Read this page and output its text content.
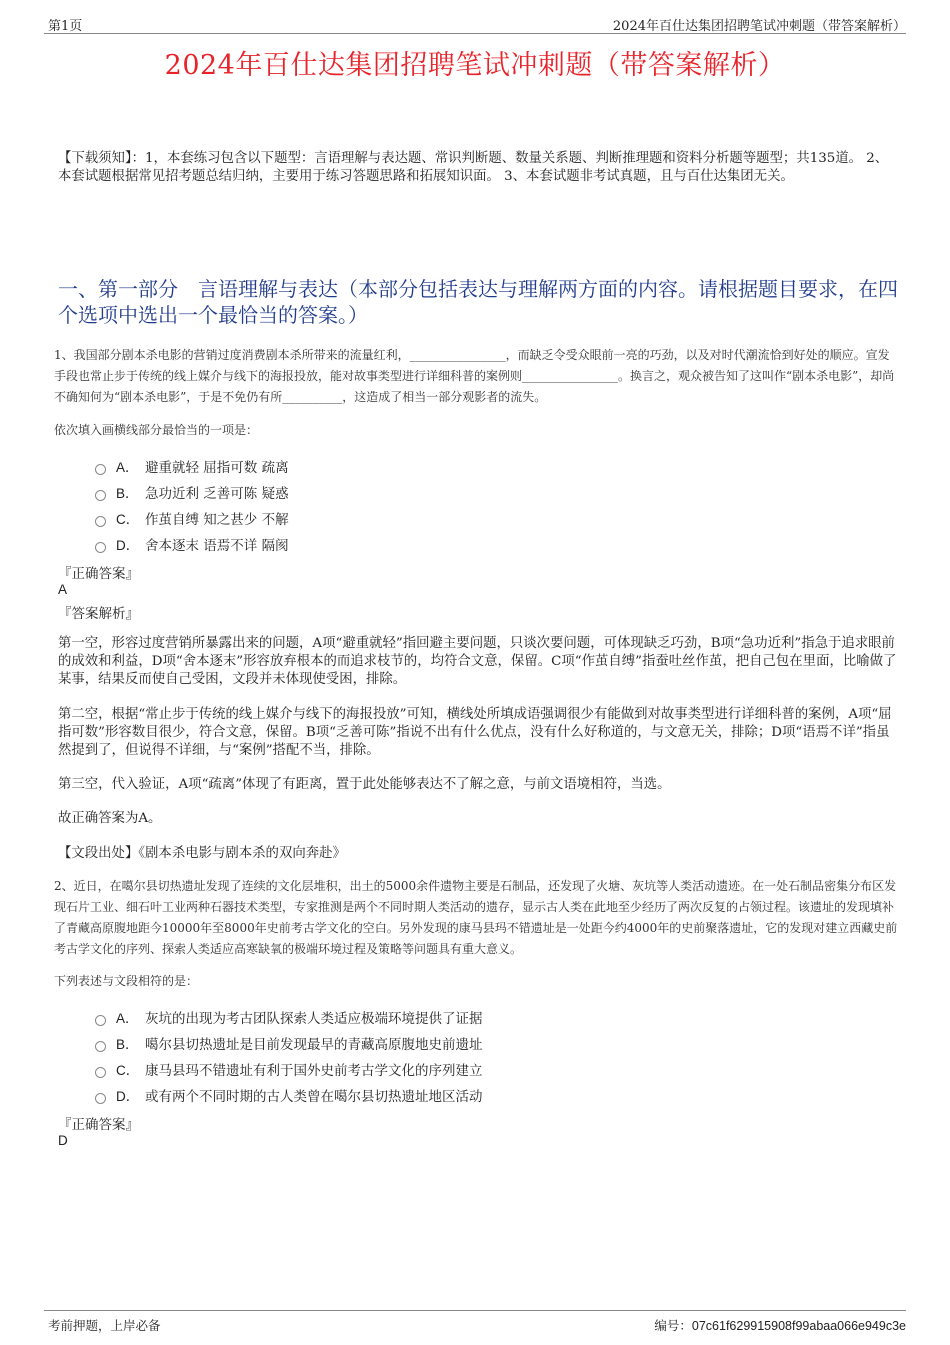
第1页	2024年百仕达集团招聘笔试冲刺题（带答案解析）
2024年百仕达集团招聘笔试冲刺题（带答案解析）
【下载须知】：1，本套练习包含以下题型：言语理解与表达题、常识判断题、数量关系题、判断推理题和资料分析题等题型；共135道。 2、本套试题根据常见招考题总结归纳，主要用于练习答题思路和拓展知识面。 3、本套试题非考试真题，且与百仕达集团无关。
一、第一部分　言语理解与表达（本部分包括表达与理解两方面的内容。请根据题目要求，在四个选项中选出一个最恰当的答案。）
1、我国部分剧本杀电影的营销过度消费剧本杀所带来的流量红利，________________，而缺乏令受众眼前一亮的巧劲，以及对时代潮流恰到好处的顺应。宣发手段也常止步于传统的线上媒介与线下的海报投放，能对故事类型进行详细科普的案例则________________。换言之，观众被告知了这叫作“剧本杀电影”，却尚不确知何为“剧本杀电影”，于是不免仍有所__________，这造成了相当一部分观影者的流失。
依次填入画横线部分最恰当的一项是：
A． 避重就轻 屈指可数 疏离
B． 急功近利 乏善可陈 疑惑
C． 作茧自缚 知之甚少 不解
D． 舍本逐末 语焉不详 隔阂
『正确答案』
A
『答案解析』
第一空，形容过度营销所暴露出来的问题，A项“避重就轻”指回避主要问题，只谈次要问题，可体现缺乏巧劲，B项“急功近利”指急于追求眼前的成效和利益，D项“舍本逐末”形容放弃根本的而追求枝节的，均符合文意，保留。C项“作茧自缚”指蚕吐丝作茧，把自己包在里面，比喻做了某事，结果反而使自己受困，文段并未体现使受困，排除。
第二空，根据“常止步于传统的线上媒介与线下的海报投放”可知，横线处所填成语强调很少有能做到对故事类型进行详细科普的案例，A项“屈指可数”形容数目很少，符合文意，保留。B项“乏善可陈”指说不出有什么优点，没有什么好称道的，与文意无关，排除；D项“语焉不详”指虽然提到了，但说得不详细，与“案例”搭配不当，排除。
第三空，代入验证，A项“疏离”体现了有距离，置于此处能够表达不了解之意，与前文语境相符，当选。
故正确答案为A。
【文段出处】《剧本杀电影与剧本杀的双向奔赴》
2、近日，在噶尔县切热遗址发现了连续的文化层堆积，出土的5000余件遗物主要是石制品，还发现了火塘、灰坑等人类活动遗迹。在一处石制品密集分布区发现石片工业、细石叶工业两种石器技术类型，专家推测是两个不同时期人类活动的遗存，显示古人类在此地至少经历了两次反复的占领过程。该遗址的发现填补了青藏高原腹地距今10000年至8000年史前考古学文化的空白。另外发现的康马县玛不错遗址是一处距今约4000年的史前聚落遗址，它的发现对建立西藏史前考古学文化的序列、探索人类适应高寒缺氧的极端环境过程及策略等问题具有重大意义。
下列表述与文段相符的是：
A． 灰坑的出现为考古团队探索人类适应极端环境提供了证据
B． 噶尔县切热遗址是目前发现最早的青藏高原腹地史前遗址
C． 康马县玛不错遗址有利于国外史前考古学文化的序列建立
D． 或有两个不同时期的古人类曾在噶尔县切热遗址地区活动
『正确答案』
D
考前押题，上岸必备	编号：07c61f629915908f99abaa066e949c3e
